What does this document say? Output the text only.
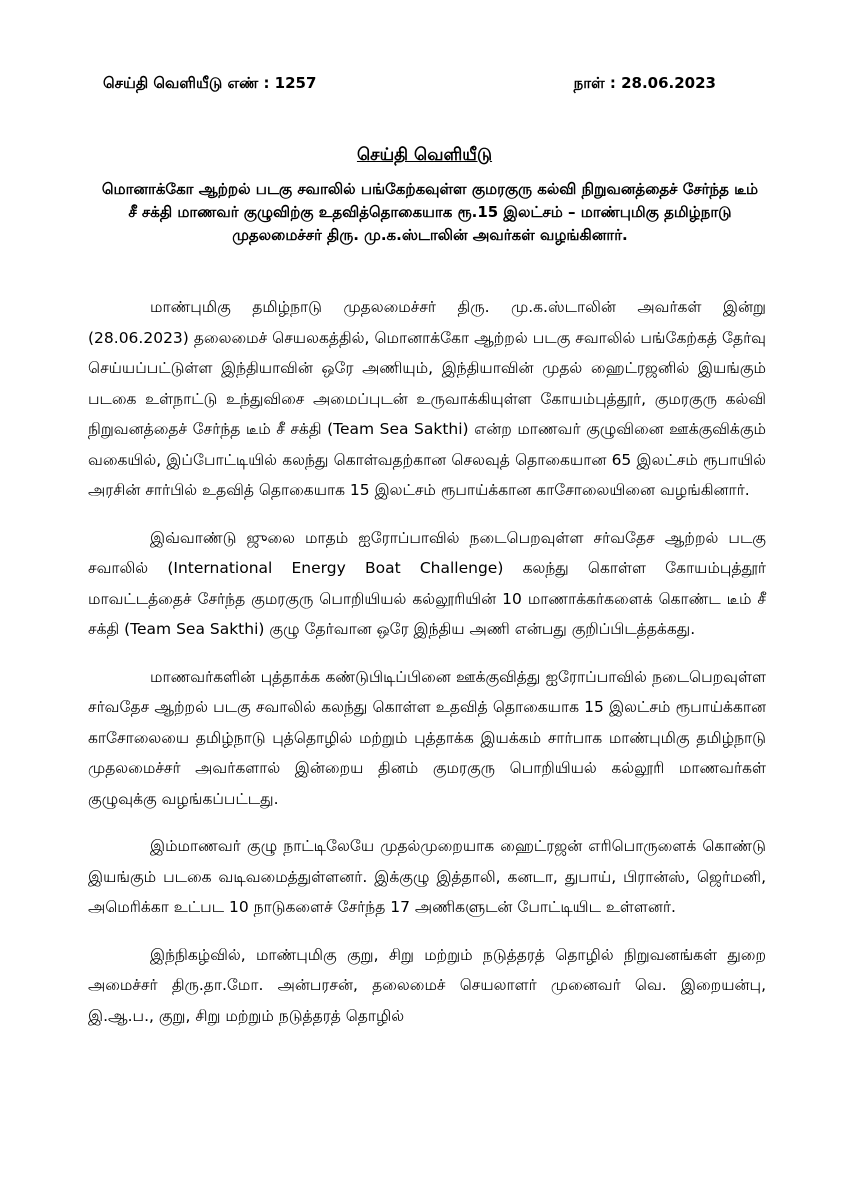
செய்தி வெளியீடு எண் : 1257	நாள் : 28.06.2023
செய்தி வெளியீடு

மொனாக்கோ ஆற்றல் படகு சவாலில் பங்கேற்கவுள்ள குமரகுரு கல்வி நிறுவனத்தைச் சேர்ந்த டீம் சீ சக்தி மாணவர் குழுவிற்கு உதவித்தொகையாக ரூ.15 இலட்சம் – மாண்புமிகு தமிழ்நாடு முதலமைச்சர் திரு. மு.க.ஸ்டாலின் அவர்கள் வழங்கினார்.

மாண்புமிகு தமிழ்நாடு முதலமைச்சர் திரு. மு.க.ஸ்டாலின் அவர்கள் இன்று (28.06.2023) தலைமைச் செயலகத்தில், மொனாக்கோ ஆற்றல் படகு சவாலில் பங்கேற்கத் தேர்வு செய்யப்பட்டுள்ள இந்தியாவின் ஒரே அணியும், இந்தியாவின் முதல் ஹைட்ரஜனில் இயங்கும் படகை உள்நாட்டு உந்துவிசை அமைப்புடன் உருவாக்கியுள்ள கோயம்புத்தூர், குமரகுரு கல்வி நிறுவனத்தைச் சேர்ந்த டீம் சீ சக்தி (Team Sea Sakthi) என்ற மாணவர் குழுவினை ஊக்குவிக்கும் வகையில், இப்போட்டியில் கலந்து கொள்வதற்கான செலவுத் தொகையான 65 இலட்சம் ரூபாயில் அரசின் சார்பில் உதவித் தொகையாக 15 இலட்சம் ரூபாய்க்கான காசோலையினை வழங்கினார்.

இவ்வாண்டு ஜுலை மாதம் ஐரோப்பாவில் நடைபெறவுள்ள சர்வதேச ஆற்றல் படகு சவாலில் (International Energy Boat Challenge) கலந்து கொள்ள கோயம்புத்தூர் மாவட்டத்தைச் சேர்ந்த குமரகுரு பொறியியல் கல்லூரியின் 10 மாணாக்கர்களைக் கொண்ட டீம் சீ சக்தி (Team Sea Sakthi) குழு தேர்வான ஒரே இந்திய அணி என்பது குறிப்பிடத்தக்கது.

மாணவர்களின் புத்தாக்க கண்டுபிடிப்பினை ஊக்குவித்து ஐரோப்பாவில் நடைபெறவுள்ள சர்வதேச ஆற்றல் படகு சவாலில் கலந்து கொள்ள உதவித் தொகையாக 15 இலட்சம் ரூபாய்க்கான காசோலையை தமிழ்நாடு புத்தொழில் மற்றும் புத்தாக்க இயக்கம் சார்பாக மாண்புமிகு தமிழ்நாடு முதலமைச்சர் அவர்களால் இன்றைய தினம் குமரகுரு பொறியியல் கல்லூரி மாணவர்கள் குழுவுக்கு வழங்கப்பட்டது.

இம்மாணவர் குழு நாட்டிலேயே முதல்முறையாக ஹைட்ரஜன் எரிபொருளைக் கொண்டு இயங்கும் படகை வடிவமைத்துள்ளனர். இக்குழு இத்தாலி, கனடா, துபாய், பிரான்ஸ், ஜெர்மனி, அமெரிக்கா உட்பட 10 நாடுகளைச் சேர்ந்த 17 அணிகளுடன் போட்டியிட உள்ளனர்.

இந்நிகழ்வில், மாண்புமிகு குறு, சிறு மற்றும் நடுத்தரத் தொழில் நிறுவனங்கள் துறை அமைச்சர் திரு.தா.மோ. அன்பரசன், தலைமைச் செயலாளர் முனைவர் வெ. இறையன்பு, இ.ஆ.ப., குறு, சிறு மற்றும் நடுத்தரத் தொழில்
